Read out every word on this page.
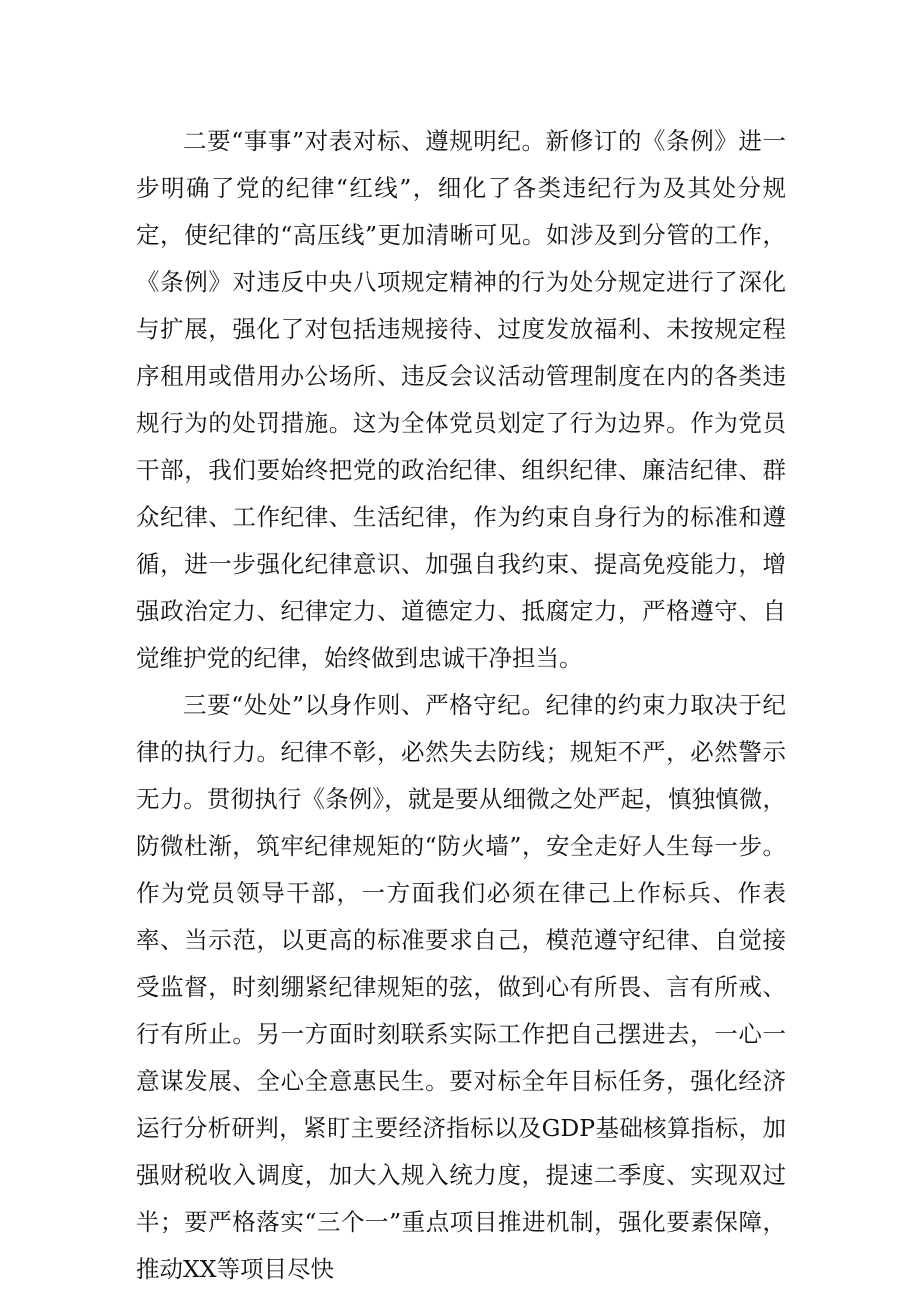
二要“事事”对表对标、遵规明纪。新修订的《条例》进一步明确了党的纪律“红线”，细化了各类违纪行为及其处分规定，使纪律的“高压线”更加清晰可见。如涉及到分管的工作，《条例》对违反中央八项规定精神的行为处分规定进行了深化与扩展，强化了对包括违规接待、过度发放福利、未按规定程序租用或借用办公场所、违反会议活动管理制度在内的各类违规行为的处罚措施。这为全体党员划定了行为边界。作为党员干部，我们要始终把党的政治纪律、组织纪律、廉洁纪律、群众纪律、工作纪律、生活纪律，作为约束自身行为的标准和遵循，进一步强化纪律意识、加强自我约束、提高免疫能力，增强政治定力、纪律定力、道德定力、抵腐定力，严格遵守、自觉维护党的纪律，始终做到忠诚干净担当。

三要“处处”以身作则、严格守纪。纪律的约束力取决于纪律的执行力。纪律不彰，必然失去防线；规矩不严，必然警示无力。贯彻执行《条例》，就是要从细微之处严起，慎独慎微，防微杜渐，筑牢纪律规矩的“防火墙”，安全走好人生每一步。作为党员领导干部，一方面我们必须在律己上作标兵、作表率、当示范，以更高的标准要求自己，模范遵守纪律、自觉接受监督，时刻绷紧纪律规矩的弦，做到心有所畏、言有所戒、行有所止。另一方面时刻联系实际工作把自己摆进去，一心一意谋发展、全心全意惠民生。要对标全年目标任务，强化经济运行分析研判，紧盯主要经济指标以及GDP基础核算指标，加强财税收入调度，加大入规入统力度，提速二季度、实现双过半；要严格落实“三个一”重点项目推进机制，强化要素保障，推动XX等项目尽快
